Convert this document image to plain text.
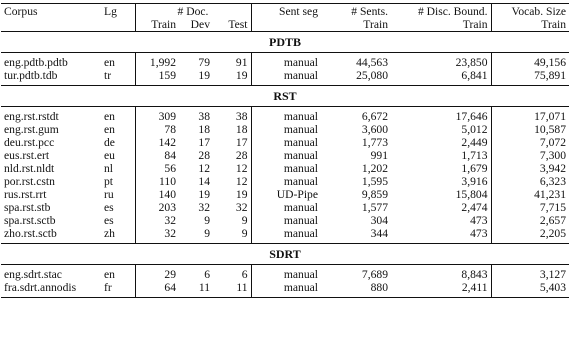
Corpus	Lg	# Doc.			Sent seg	# Sents.	# Disc. Bound.	Vocab. Size
		Train	Dev	Test		Train	Train	Train
PDTB								
eng.pdtb.pdtb	en	1,992	79	91	manual	44,563	23,850	49,156
tur.pdtb.tdb	tr	159	19	19	manual	25,080	6,841	75,891
RST								
eng.rst.rstdt	en	309	38	38	manual	6,672	17,646	17,071
eng.rst.gum	en	78	18	18	manual	3,600	5,012	10,587
deu.rst.pcc	de	142	17	17	manual	1,773	2,449	7,072
eus.rst.ert	eu	84	28	28	manual	991	1,713	7,300
nld.rst.nldt	nl	56	12	12	manual	1,202	1,679	3,942
por.rst.cstn	pt	110	14	12	manual	1,595	3,916	6,323
rus.rst.rrt	ru	140	19	19	UD-Pipe	9,859	15,804	41,231
spa.rst.stb	es	203	32	32	manual	1,577	2,474	7,715
spa.rst.sctb	es	32	9	9	manual	304	473	2,657
zho.rst.sctb	zh	32	9	9	manual	344	473	2,205
SDRT								
eng.sdrt.stac	en	29	6	6	manual	7,689	8,843	3,127
fra.sdrt.annodis	fr	64	11	11	manual	880	2,411	5,403
